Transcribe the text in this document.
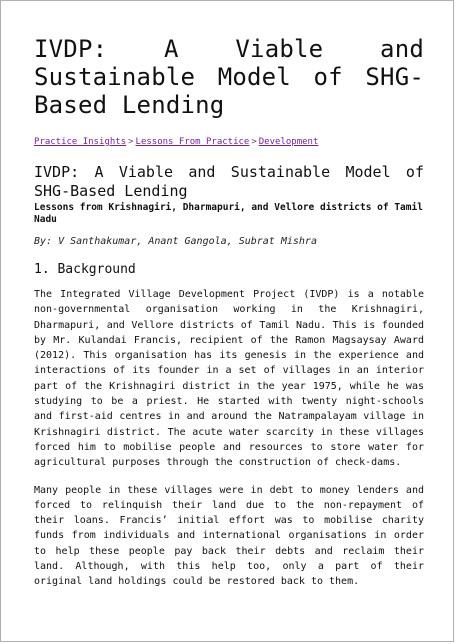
IVDP: A Viable and Sustainable Model of SHG-Based Lending
Practice Insights > Lessons From Practice > Development
IVDP: A Viable and Sustainable Model of SHG-Based Lending
Lessons from Krishnagiri, Dharmapuri, and Vellore districts of Tamil Nadu
By: V Santhakumar, Anant Gangola, Subrat Mishra
1. Background

The Integrated Village Development Project (IVDP) is a notable non-governmental organisation working in the Krishnagiri, Dharmapuri, and Vellore districts of Tamil Nadu. This is founded by Mr. Kulandai Francis, recipient of the Ramon Magsaysay Award (2012). This organisation has its genesis in the experience and interactions of its founder in a set of villages in an interior part of the Krishnagiri district in the year 1975, while he was studying to be a priest. He started with twenty night-schools and first-aid centres in and around the Natrampalayam village in Krishnagiri district. The acute water scarcity in these villages forced him to mobilise people and resources to store water for agricultural purposes through the construction of check-dams.

Many people in these villages were in debt to money lenders and forced to relinquish their land due to the non-repayment of their loans. Francis’ initial effort was to mobilise charity funds from individuals and international organisations in order to help these people pay back their debts and reclaim their land. Although, with this help too, only a part of their original land holdings could be restored back to them.
